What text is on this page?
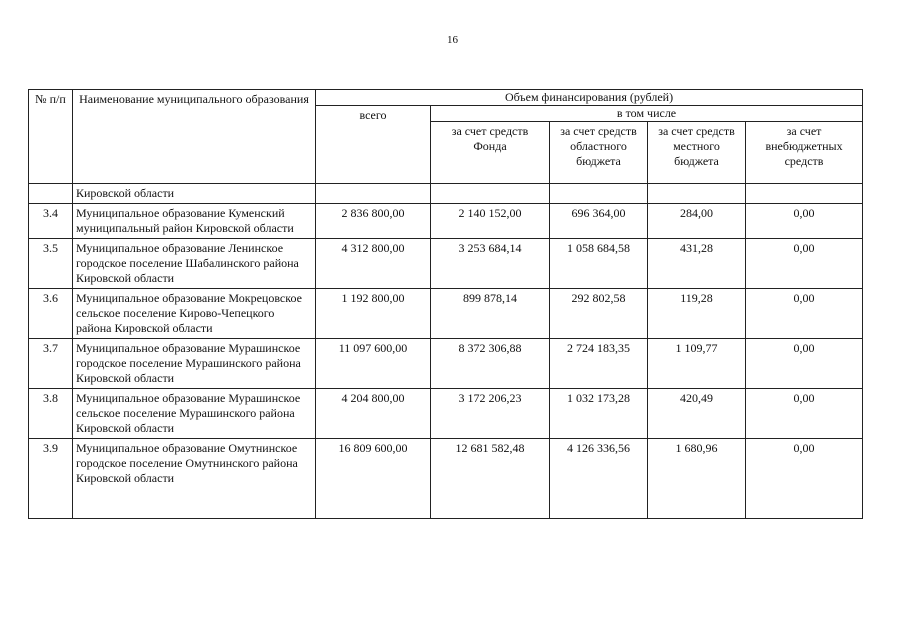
16
№ п/п	Наименование муниципального образования	Объем финансирования (рублей)				
		всего	в том числе			
			за счет средств Фонда	за счет средств областного бюджета	за счет средств местного бюджета	за счет внебюджетных средств
	Кировской области					
3.4	Муниципальное образование Куменский муниципальный район Кировской области	2 836 800,00	2 140 152,00	696 364,00	284,00	0,00
3.5	Муниципальное образование Ленинское городское поселение Шабалинского района Кировской области	4 312 800,00	3 253 684,14	1 058 684,58	431,28	0,00
3.6	Муниципальное образование Мокрецовское сельское поселение Кирово-Чепецкого района Кировской области	1 192 800,00	899 878,14	292 802,58	119,28	0,00
3.7	Муниципальное образование Мурашинское городское поселение Мурашинского района Кировской области	11 097 600,00	8 372 306,88	2 724 183,35	1 109,77	0,00
3.8	Муниципальное образование Мурашинское сельское поселение Мурашинского района Кировской области	4 204 800,00	3 172 206,23	1 032 173,28	420,49	0,00
3.9	Муниципальное образование Омутнинское городское поселение Омутнинского района Кировской области	16 809 600,00	12 681 582,48	4 126 336,56	1 680,96	0,00
